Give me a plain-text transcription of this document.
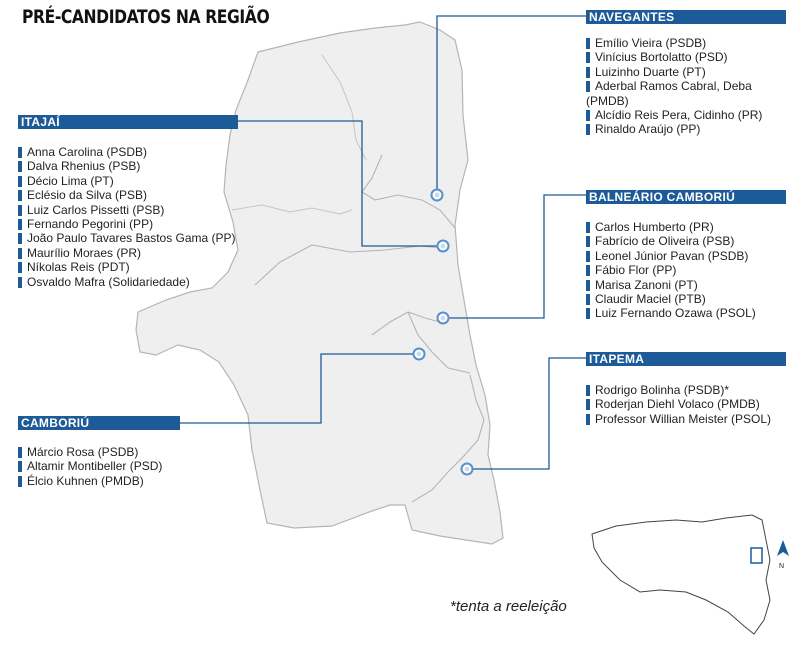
PRÉ-CANDIDATOS NA REGIÃO
N
NAVEGANTES
Emílio Vieira (PSDB)
Vinícius Bortolatto (PSD)
Luizinho Duarte (PT)
Aderbal Ramos Cabral, Deba (PMDB)
Alcídio Reis Pera, Cidinho (PR)
Rinaldo Araújo (PP)
ITAJAÍ
Anna Carolina (PSDB)
Dalva Rhenius (PSB)
Décio Lima (PT)
Eclésio da Silva (PSB)
Luiz Carlos Pissetti (PSB)
Fernando Pegorini (PP)
João Paulo Tavares Bastos Gama (PP)
Maurílio Moraes (PR)
Níkolas Reis (PDT)
Osvaldo Mafra (Solidariedade)
BALNEÁRIO CAMBORIÚ
Carlos Humberto (PR)
Fabrício de Oliveira (PSB)
Leonel Júnior Pavan (PSDB)
Fábio Flor (PP)
Marisa Zanoni (PT)
Claudir Maciel (PTB)
Luiz Fernando Ozawa (PSOL)
ITAPEMA
Rodrigo Bolinha (PSDB)*
Roderjan Diehl Volaco (PMDB)
Professor Willian Meister (PSOL)
CAMBORIÚ
Márcio Rosa (PSDB)
Altamir Montibeller (PSD)
Élcio Kuhnen (PMDB)
*tenta a reeleição
